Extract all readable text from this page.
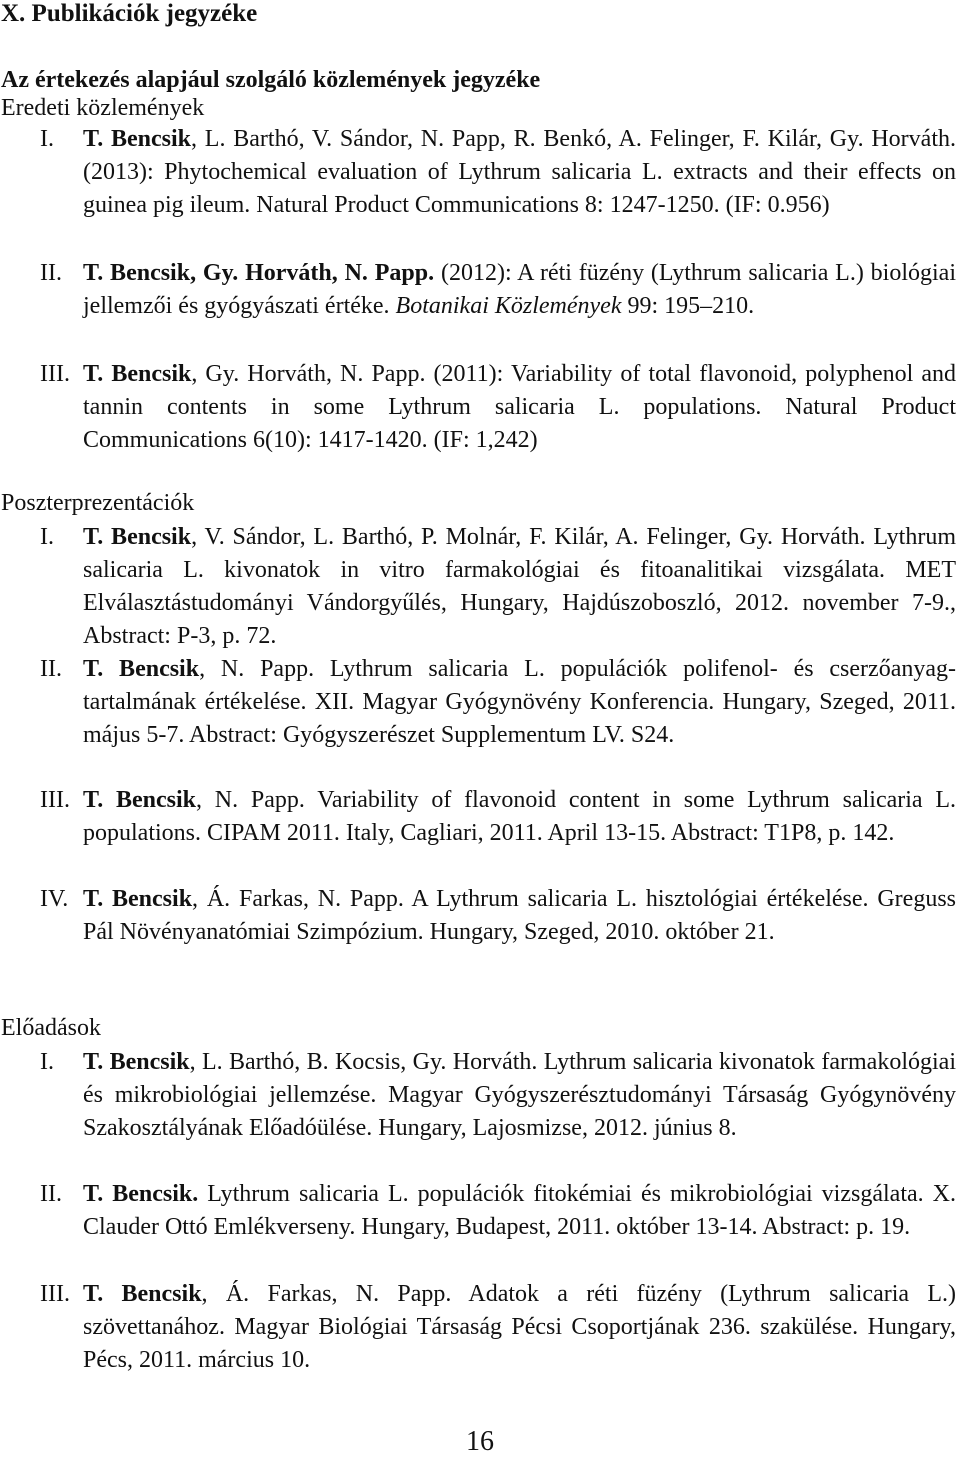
X. Publikációk jegyzéke
Az értekezés alapjául szolgáló közlemények jegyzéke
Eredeti közlemények
I. T. Bencsik, L. Barthó, V. Sándor, N. Papp, R. Benkó, A. Felinger, F. Kilár, Gy. Horváth. (2013): Phytochemical evaluation of Lythrum salicaria L. extracts and their effects on guinea pig ileum. Natural Product Communications 8: 1247-1250. (IF: 0.956)
II. T. Bencsik, Gy. Horváth, N. Papp. (2012): A réti füzény (Lythrum salicaria L.) biológiai jellemzői és gyógyászati értéke. Botanikai Közlemények 99: 195–210.
III. T. Bencsik, Gy. Horváth, N. Papp. (2011): Variability of total flavonoid, polyphenol and tannin contents in some Lythrum salicaria L. populations. Natural Product Communications 6(10): 1417-1420. (IF: 1,242)
Poszterprezentációk
I. T. Bencsik, V. Sándor, L. Barthó, P. Molnár, F. Kilár, A. Felinger, Gy. Horváth. Lythrum salicaria L. kivonatok in vitro farmakológiai és fitoanalitikai vizsgálata. MET Elválasztástudományi Vándorgyűlés, Hungary, Hajdúszoboszló, 2012. november 7-9., Abstract: P-3, p. 72.
II. T. Bencsik, N. Papp. Lythrum salicaria L. populációk polifenol- és cserzőanyag-tartalmának értékelése. XII. Magyar Gyógynövény Konferencia. Hungary, Szeged, 2011. május 5-7. Abstract: Gyógyszerészet Supplementum LV. S24.
III. T. Bencsik, N. Papp. Variability of flavonoid content in some Lythrum salicaria L. populations. CIPAM 2011. Italy, Cagliari, 2011. April 13-15. Abstract: T1P8, p. 142.
IV. T. Bencsik, Á. Farkas, N. Papp. A Lythrum salicaria L. hisztológiai értékelése. Greguss Pál Növényanatómiai Szimpózium. Hungary, Szeged, 2010. október 21.
Előadások
I. T. Bencsik, L. Barthó, B. Kocsis, Gy. Horváth. Lythrum salicaria kivonatok farmakológiai és mikrobiológiai jellemzése. Magyar Gyógyszerésztudományi Társaság Gyógynövény Szakosztályának Előadóülése. Hungary, Lajosmizse, 2012. június 8.
II. T. Bencsik. Lythrum salicaria L. populációk fitokémiai és mikrobiológiai vizsgálata. X. Clauder Ottó Emlékverseny. Hungary, Budapest, 2011. október 13-14. Abstract: p. 19.
III. T. Bencsik, Á. Farkas, N. Papp. Adatok a réti füzény (Lythrum salicaria L.) szövettanához. Magyar Biológiai Társaság Pécsi Csoportjának 236. szakülése. Hungary, Pécs, 2011. március 10.
16
